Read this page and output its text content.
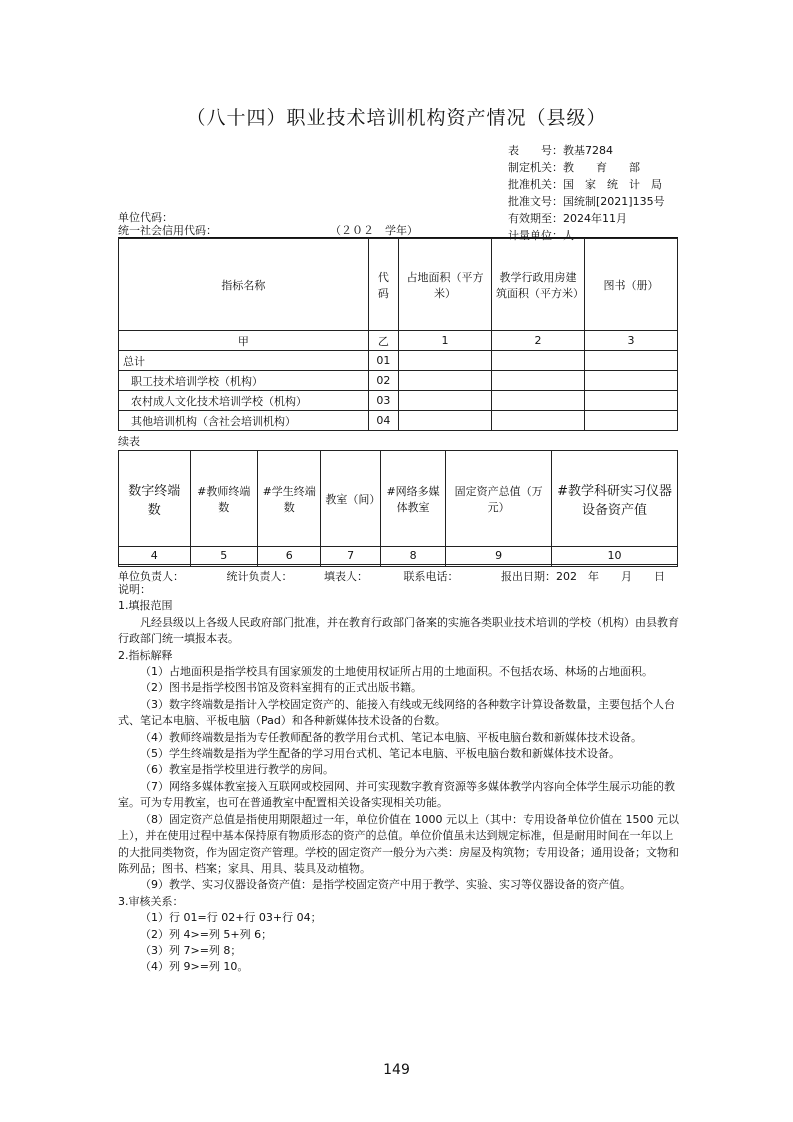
（八十四）职业技术培训机构资产情况（县级）
表　　号：教基7284
制定机关：教　　育　　部
批准机关：国　家　统　计　局
批准文号：国统制[2021]135号
有效期至：2024年11月
计量单位：人
单位代码：
统一社会信用代码：	（２０２　学年）
指标名称	代码	占地面积（平方米）	教学行政用房建筑面积（平方米）	图书（册）
甲	乙	1	2	3
总计	01			
职工技术培训学校（机构）	02			
农村成人文化技术培训学校（机构）	03			
其他培训机构（含社会培训机构）	04			
续表
数字终端数	#教师终端数	#学生终端数	教室（间）	#网络多媒体教室	固定资产总值（万元）	#教学科研实习仪器设备资产值
4	5	6	7	8	9	10

单位负责人：	统计负责人：	填表人：	联系电话：	报出日期：202　年　　月　　日

说明：

1.填报范围

凡经县级以上各级人民政府部门批准，并在教育行政部门备案的实施各类职业技术培训的学校（机构）由县教育行政部门统一填报本表。

2.指标解释

（1）占地面积是指学校具有国家颁发的土地使用权证所占用的土地面积。不包括农场、林场的占地面积。

（2）图书是指学校图书馆及资料室拥有的正式出版书籍。

（3）数字终端数是指计入学校固定资产的、能接入有线或无线网络的各种数字计算设备数量，主要包括个人台式、笔记本电脑、平板电脑（Pad）和各种新媒体技术设备的台数。

（4）教师终端数是指为专任教师配备的教学用台式机、笔记本电脑、平板电脑台数和新媒体技术设备。

（5）学生终端数是指为学生配备的学习用台式机、笔记本电脑、平板电脑台数和新媒体技术设备。

（6）教室是指学校里进行教学的房间。

（7）网络多媒体教室接入互联网或校园网、并可实现数字教育资源等多媒体教学内容向全体学生展示功能的教室。可为专用教室，也可在普通教室中配置相关设备实现相关功能。

（8）固定资产总值是指使用期限超过一年，单位价值在 1000 元以上（其中：专用设备单位价值在 1500 元以上），并在使用过程中基本保持原有物质形态的资产的总值。单位价值虽未达到规定标准，但是耐用时间在一年以上的大批同类物资，作为固定资产管理。学校的固定资产一般分为六类：房屋及构筑物；专用设备；通用设备；文物和陈列品；图书、档案；家具、用具、装具及动植物。

（9）教学、实习仪器设备资产值：是指学校固定资产中用于教学、实验、实习等仪器设备的资产值。

3.审核关系：

（1）行 01=行 02+行 03+行 04；

（2）列 4>=列 5+列 6；

（3）列 7>=列 8；

（4）列 9>=列 10。

149
